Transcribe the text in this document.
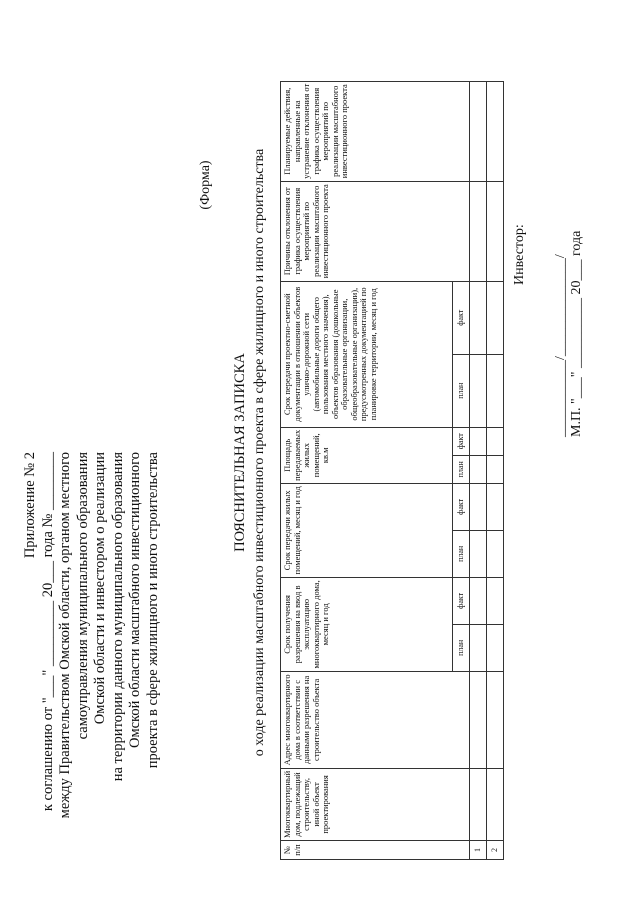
Приложение № 2 к соглашению от "___" _________ 20___ года № ________ между Правительством Омской области, органом местного самоуправления муниципального образования Омской области и инвестором о реализации на территории данного муниципального образования Омской области масштабного инвестиционного проекта в сфере жилищного и иного строительства
(Форма)
ПОЯСНИТЕЛЬНАЯ ЗАПИСКА о ходе реализации масштабного инвестиционного проекта в сфере жилищного и иного строительства
№ п/п	Многоквартирный дом, подлежащий строительству, иной объект проектирования	Адрес многоквартирного дома в соответствии с данными разрешения на строительство объекта	Срок получения разрешения на ввод в эксплуатацию многоквартирного дома, месяц и год		Срок передачи жилых помещений, месяц и год		Площадь передаваемых жилых помещений, кв.м		Срок передачи проектно-сметной документации в отношении объектов улично-дорожной сети (автомобильные дороги общего пользования местного значения), объектов образования (дошкольные образовательные организации, общеобразовательные организации), предусмотренных документацией по планировке территории, месяц и год		Причины отклонения от графика осуществления мероприятий по реализации масштабного инвестиционного проекта	Планируемые действия, направленные на устранение отклонения от графика осуществления мероприятий по реализации масштабного инвестиционного проекта
			план	факт	план	факт	план	факт	план	факт		
1												
2												
Инвестор: ___________/______________/
М.П. "___" __________ 20___ года
